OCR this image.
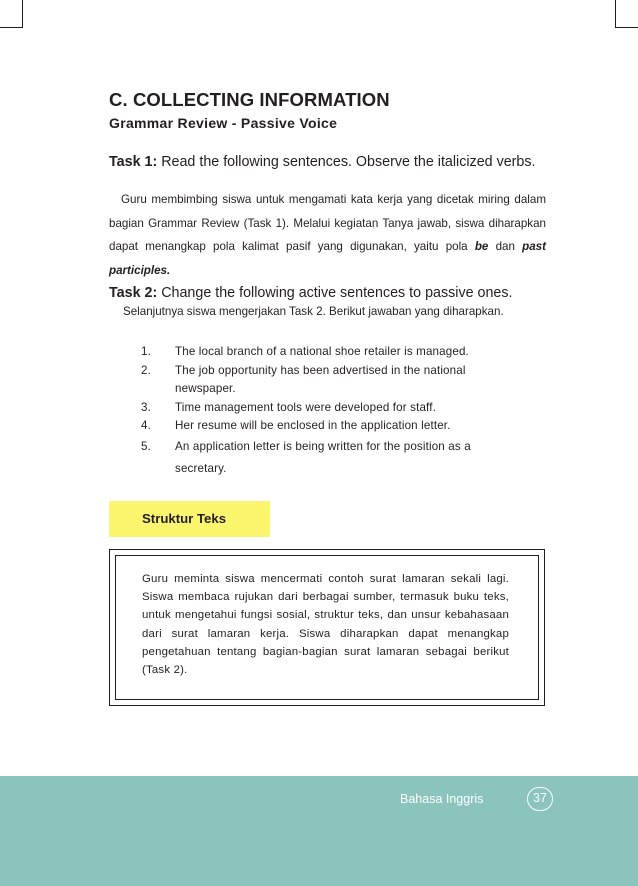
C. COLLECTING INFORMATION
Grammar Review - Passive Voice
Task 1: Read the following sentences. Observe the italicized verbs.
Guru membimbing siswa untuk mengamati kata kerja yang dicetak miring dalam bagian Grammar Review (Task 1). Melalui kegiatan Tanya jawab, siswa diharapkan dapat menangkap pola kalimat pasif yang digunakan, yaitu pola be dan past participles.
Task 2: Change the following active sentences to passive ones.
Selanjutnya siswa mengerjakan Task 2. Berikut jawaban yang diharapkan.
1. The local branch of a national shoe retailer is managed.
2. The job opportunity has been advertised in the national newspaper.
3. Time management tools were developed for staff.
4. Her resume will be enclosed in the application letter.
5. An application letter is being written for the position as a secretary.
Struktur Teks

Guru meminta siswa mencermati contoh surat lamaran sekali lagi. Siswa membaca rujukan dari berbagai sumber, termasuk buku teks, untuk mengetahui fungsi sosial, struktur teks, dan unsur kebahasaan dari surat lamaran kerja. Siswa diharapkan dapat menangkap pengetahuan tentang bagian-bagian surat lamaran sebagai berikut (Task 2).

Bahasa Inggris	37
